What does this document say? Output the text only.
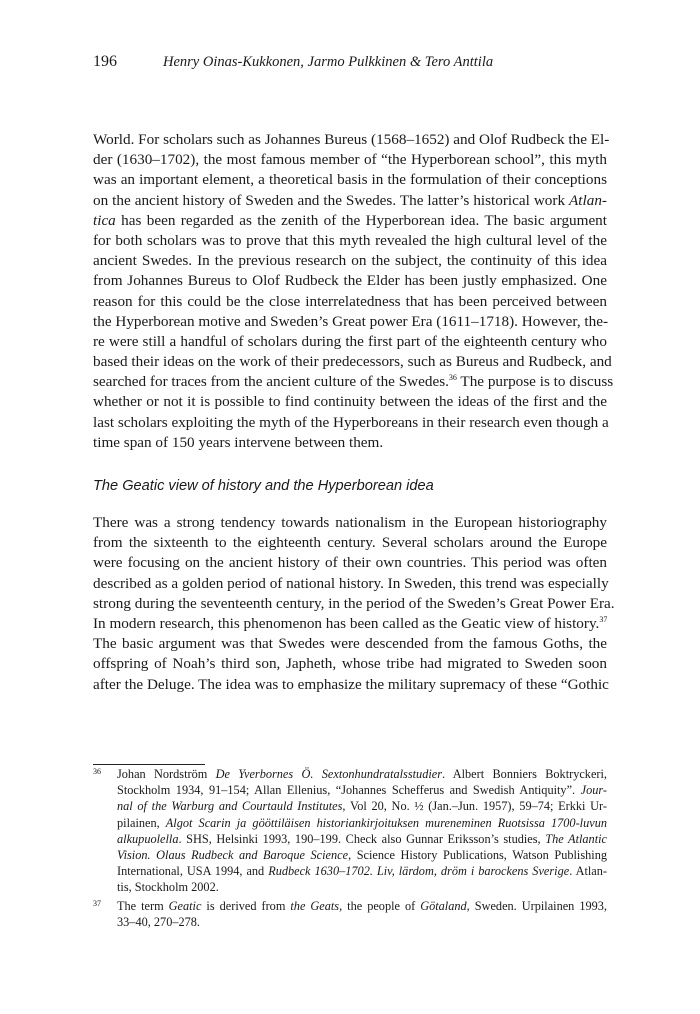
196	Henry Oinas-Kukkonen, Jarmo Pulkkinen & Tero Anttila
World. For scholars such as Johannes Bureus (1568–1652) and Olof Rudbeck the El-
der (1630–1702), the most famous member of “the Hyperborean school”, this myth
was an important element, a theoretical basis in the formulation of their conceptions
on the ancient history of Sweden and the Swedes. The latter’s historical work Atlan-
tica has been regarded as the zenith of the Hyperborean idea. The basic argument
for both scholars was to prove that this myth revealed the high cultural level of the
ancient Swedes. In the previous research on the subject, the continuity of this idea
from Johannes Bureus to Olof Rudbeck the Elder has been justly emphasized. One
reason for this could be the close interrelatedness that has been perceived between
the Hyperborean motive and Sweden’s Great power Era (1611–1718). However, the-
re were still a handful of scholars during the first part of the eighteenth century who
based their ideas on the work of their predecessors, such as Bureus and Rudbeck, and
searched for traces from the ancient culture of the Swedes.$^{36}$ The purpose is to discuss
whether or not it is possible to find continuity between the ideas of the first and the
last scholars exploiting the myth of the Hyperboreans in their research even though a
time span of 150 years intervene between them.
The Geatic view of history and the Hyperborean idea
There was a strong tendency towards nationalism in the European historiography
from the sixteenth to the eighteenth century. Several scholars around the Europe
were focusing on the ancient history of their own countries. This period was often
described as a golden period of national history. In Sweden, this trend was especially
strong during the seventeenth century, in the period of the Sweden’s Great Power Era.
In modern research, this phenomenon has been called as the Geatic view of history.$^{37}$
The basic argument was that Swedes were descended from the famous Goths, the
offspring of Noah’s third son, Japheth, whose tribe had migrated to Sweden soon
after the Deluge. The idea was to emphasize the military supremacy of these “Gothic
36 Johan Nordström De Yverbornes Ö. Sextonhundratalsstudier. Albert Bonniers Boktryckeri,
Stockholm 1934, 91–154; Allan Ellenius, “Johannes Schefferus and Swedish Antiquity”. Jour-
nal of the Warburg and Courtauld Institutes, Vol 20, No. ½ (Jan.–Jun. 1957), 59–74; Erkki Ur-
pilainen, Algot Scarin ja gööttiläisen historiankirjoituksen mureneminen Ruotsissa 1700-luvun
alkupuolella. SHS, Helsinki 1993, 190–199. Check also Gunnar Eriksson’s studies, The Atlantic
Vision. Olaus Rudbeck and Baroque Science, Science History Publications, Watson Publishing
International, USA 1994, and Rudbeck 1630–1702. Liv, lärdom, dröm i barockens Sverige. Atlan-
tis, Stockholm 2002.
37 The term Geatic is derived from the Geats, the people of Götaland, Sweden. Urpilainen 1993,
33–40, 270–278.
